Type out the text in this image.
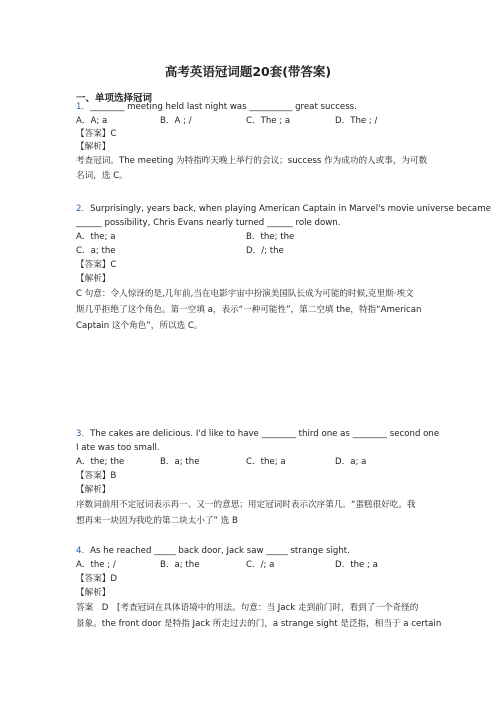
高考英语冠词题20套(带答案)
一、单项选择冠词
1．________ meeting held last night was __________ great success.
A．A; a	B．A ; /	C．The ; a	D．The ; /
【答案】C
【解析】
考查冠词。The meeting 为特指昨天晚上举行的会议；success 作为成功的人或事，为可数
名词，选 C。
2．Surprisingly, years back, when playing American Captain in Marvel's movie universe became
______ possibility, Chris Evans nearly turned ______ role down.
A．the; a	B．the; the
C．a; the	D．/; the
【答案】C
【解析】
C 句意：令人惊讶的是,几年前,当在电影宇宙中扮演美国队长成为可能的时候,克里斯·埃文
斯几乎拒绝了这个角色。第一空填 a，表示“一种可能性”，第二空填 the，特指“American
Captain 这个角色”，所以选 C。
3．The cakes are delicious. I'd like to have ________ third one as ________ second one
I ate was too small.
A．the; the	B．a; the	C．the; a	D．a; a
【答案】B
【解析】
序数词前用不定冠词表示再一、又一的意思；用定冠词时表示次序第几。“蛋糕很好吃。我
想再来一块因为我吃的第二块太小了” 选 B
4．As he reached _____ back door, Jack saw _____ strange sight.
A．the ; /	B．a; the	C．/; a	D．the ; a
【答案】D
【解析】
答案　D　[考查冠词在具体语境中的用法。句意：当 Jack 走到前门时，看到了一个奇怪的
景象。the front door 是特指 Jack 所走过去的门，a strange sight 是泛指，相当于 a certain
